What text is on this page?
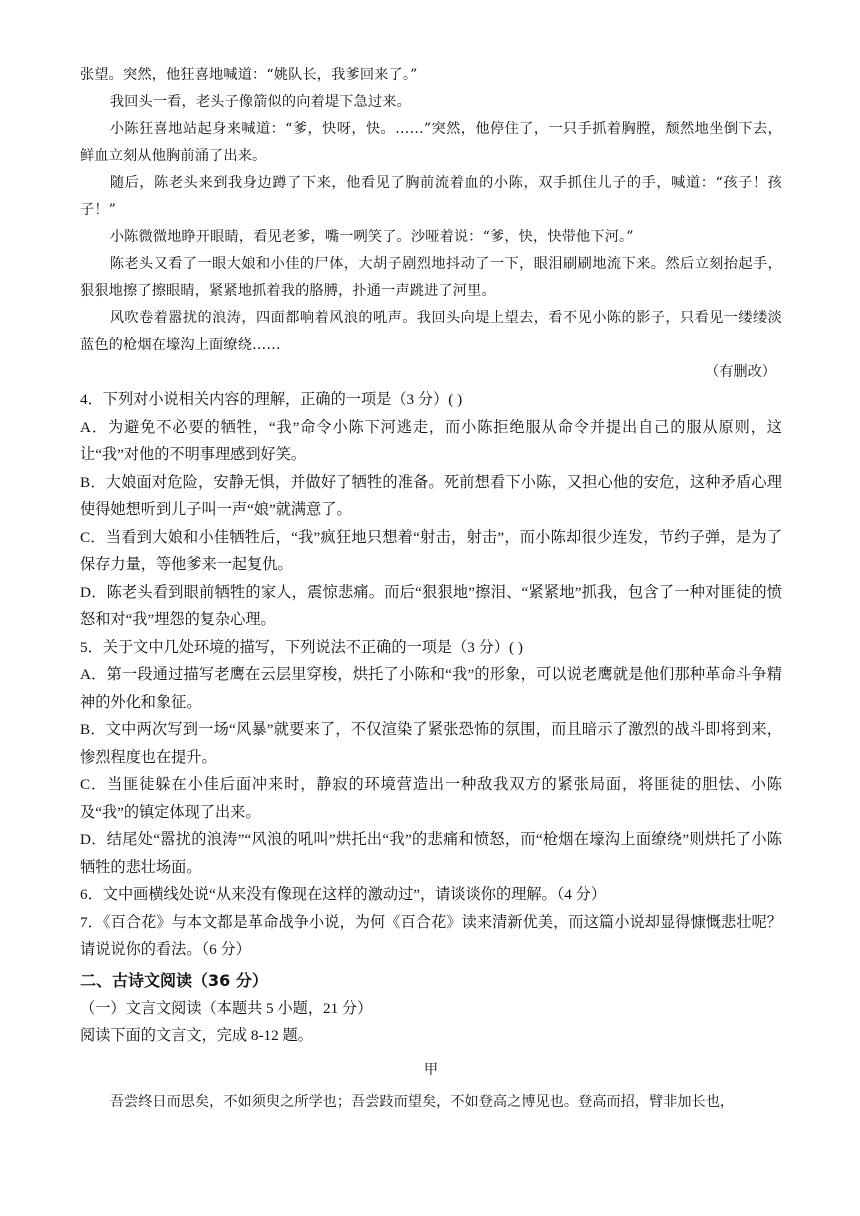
张望。突然，他狂喜地喊道：“姚队长，我爹回来了。”

我回头一看，老头子像箭似的向着堤下急过来。

小陈狂喜地站起身来喊道：“爹，快呀，快。……”突然，他停住了，一只手抓着胸膛，颓然地坐倒下去，鲜血立刻从他胸前涌了出来。

随后，陈老头来到我身边蹲了下来，他看见了胸前流着血的小陈，双手抓住儿子的手，喊道：“孩子！孩子！”

小陈微微地睁开眼睛，看见老爹，嘴一咧笑了。沙哑着说：“爹，快，快带他下河。”

陈老头又看了一眼大娘和小佳的尸体，大胡子剧烈地抖动了一下，眼泪刷刷地流下来。然后立刻抬起手，狠狠地擦了擦眼睛，紧紧地抓着我的胳膊，扑通一声跳进了河里。

风吹卷着嚣扰的浪涛，四面都响着风浪的吼声。我回头向堤上望去，看不见小陈的影子，只看见一缕缕淡蓝色的枪烟在壕沟上面缭绕……

（有删改）

4．下列对小说相关内容的理解，正确的一项是（3 分）( )

A．为避免不必要的牺牲，“我”命令小陈下河逃走，而小陈拒绝服从命令并提出自己的服从原则，这让“我”对他的不明事理感到好笑。

B．大娘面对危险，安静无惧，并做好了牺牲的准备。死前想看下小陈，又担心他的安危，这种矛盾心理使得她想听到儿子叫一声“娘”就满意了。

C．当看到大娘和小佳牺牲后，“我”疯狂地只想着“射击，射击”，而小陈却很少连发，节约子弹，是为了保存力量，等他爹来一起复仇。

D．陈老头看到眼前牺牲的家人，震惊悲痛。而后“狠狠地”擦泪、“紧紧地”抓我，包含了一种对匪徒的愤怒和对“我”埋怨的复杂心理。

5．关于文中几处环境的描写，下列说法不正确的一项是（3 分）( )

A．第一段通过描写老鹰在云层里穿梭，烘托了小陈和“我”的形象，可以说老鹰就是他们那种革命斗争精神的外化和象征。

B．文中两次写到一场“风暴”就要来了，不仅渲染了紧张恐怖的氛围，而且暗示了激烈的战斗即将到来，惨烈程度也在提升。

C．当匪徒躲在小佳后面冲来时，静寂的环境营造出一种敌我双方的紧张局面，将匪徒的胆怯、小陈及“我”的镇定体现了出来。

D．结尾处“嚣扰的浪涛”“风浪的吼叫”烘托出“我”的悲痛和愤怒，而“枪烟在壕沟上面缭绕”则烘托了小陈牺牲的悲壮场面。

6．文中画横线处说“从来没有像现在这样的激动过”，请谈谈你的理解。（4 分）

7．《百合花》与本文都是革命战争小说，为何《百合花》读来清新优美，而这篇小说却显得慷慨悲壮呢？请说说你的看法。（6 分）

二、古诗文阅读（36 分）

（一）文言文阅读（本题共 5 小题，21 分）

阅读下面的文言文，完成 8-12 题。

甲

吾尝终日而思矣，不如须臾之所学也；吾尝跂而望矣，不如登高之博见也。登高而招，臂非加长也，
